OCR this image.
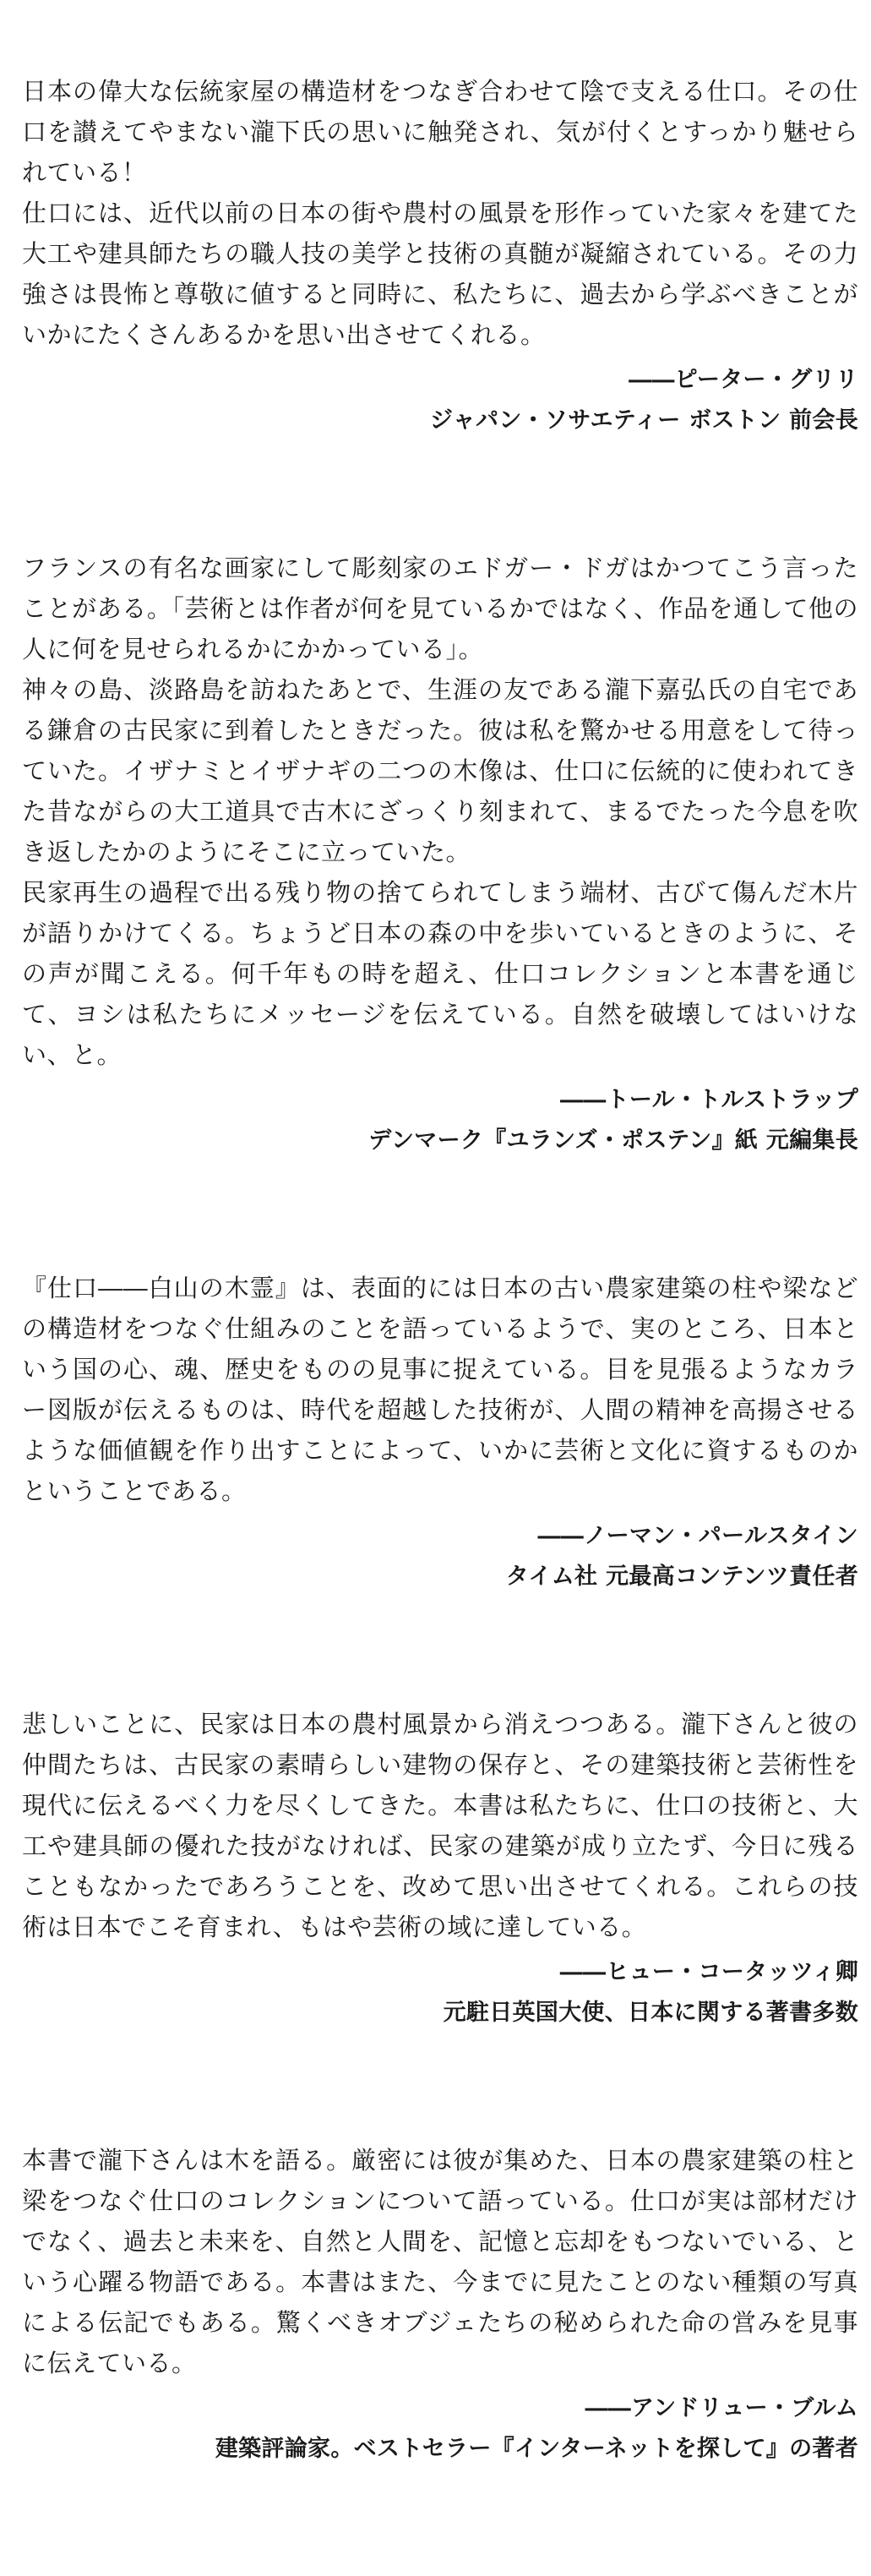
日本の偉大な伝統家屋の構造材をつなぎ合わせて陰で支える仕口。その仕口を讃えてやまない瀧下氏の思いに触発され、気が付くとすっかり魅せられている！

仕口には、近代以前の日本の街や農村の風景を形作っていた家々を建てた大工や建具師たちの職人技の美学と技術の真髄が凝縮されている。その力強さは畏怖と尊敬に値すると同時に、私たちに、過去から学ぶべきことがいかにたくさんあるかを思い出させてくれる。

――ピーター・グリリ

ジャパン・ソサエティー ボストン 前会長

フランスの有名な画家にして彫刻家のエドガー・ドガはかつてこう言ったことがある。「芸術とは作者が何を見ているかではなく、作品を通して他の人に何を見せられるかにかかっている」。

神々の島、淡路島を訪ねたあとで、生涯の友である瀧下嘉弘氏の自宅である鎌倉の古民家に到着したときだった。彼は私を驚かせる用意をして待っていた。イザナミとイザナギの二つの木像は、仕口に伝統的に使われてきた昔ながらの大工道具で古木にざっくり刻まれて、まるでたった今息を吹き返したかのようにそこに立っていた。

民家再生の過程で出る残り物の捨てられてしまう端材、古びて傷んだ木片が語りかけてくる。ちょうど日本の森の中を歩いているときのように、その声が聞こえる。何千年もの時を超え、仕口コレクションと本書を通じて、ヨシは私たちにメッセージを伝えている。自然を破壊してはいけない、と。

――トール・トルストラップ

デンマーク『ユランズ・ポステン』紙 元編集長

『仕口――白山の木霊』は、表面的には日本の古い農家建築の柱や梁などの構造材をつなぐ仕組みのことを語っているようで、実のところ、日本という国の心、魂、歴史をものの見事に捉えている。目を見張るようなカラー図版が伝えるものは、時代を超越した技術が、人間の精神を高揚させるような価値観を作り出すことによって、いかに芸術と文化に資するものかということである。

――ノーマン・パールスタイン

タイム社 元最高コンテンツ責任者

悲しいことに、民家は日本の農村風景から消えつつある。瀧下さんと彼の仲間たちは、古民家の素晴らしい建物の保存と、その建築技術と芸術性を現代に伝えるべく力を尽くしてきた。本書は私たちに、仕口の技術と、大工や建具師の優れた技がなければ、民家の建築が成り立たず、今日に残ることもなかったであろうことを、改めて思い出させてくれる。これらの技術は日本でこそ育まれ、もはや芸術の域に達している。

――ヒュー・コータッツィ卿

元駐日英国大使、日本に関する著書多数

本書で瀧下さんは木を語る。厳密には彼が集めた、日本の農家建築の柱と梁をつなぐ仕口のコレクションについて語っている。仕口が実は部材だけでなく、過去と未来を、自然と人間を、記憶と忘却をもつないでいる、という心躍る物語である。本書はまた、今までに見たことのない種類の写真による伝記でもある。驚くべきオブジェたちの秘められた命の営みを見事に伝えている。

――アンドリュー・ブルム

建築評論家。ベストセラー『インターネットを探して』の著者
